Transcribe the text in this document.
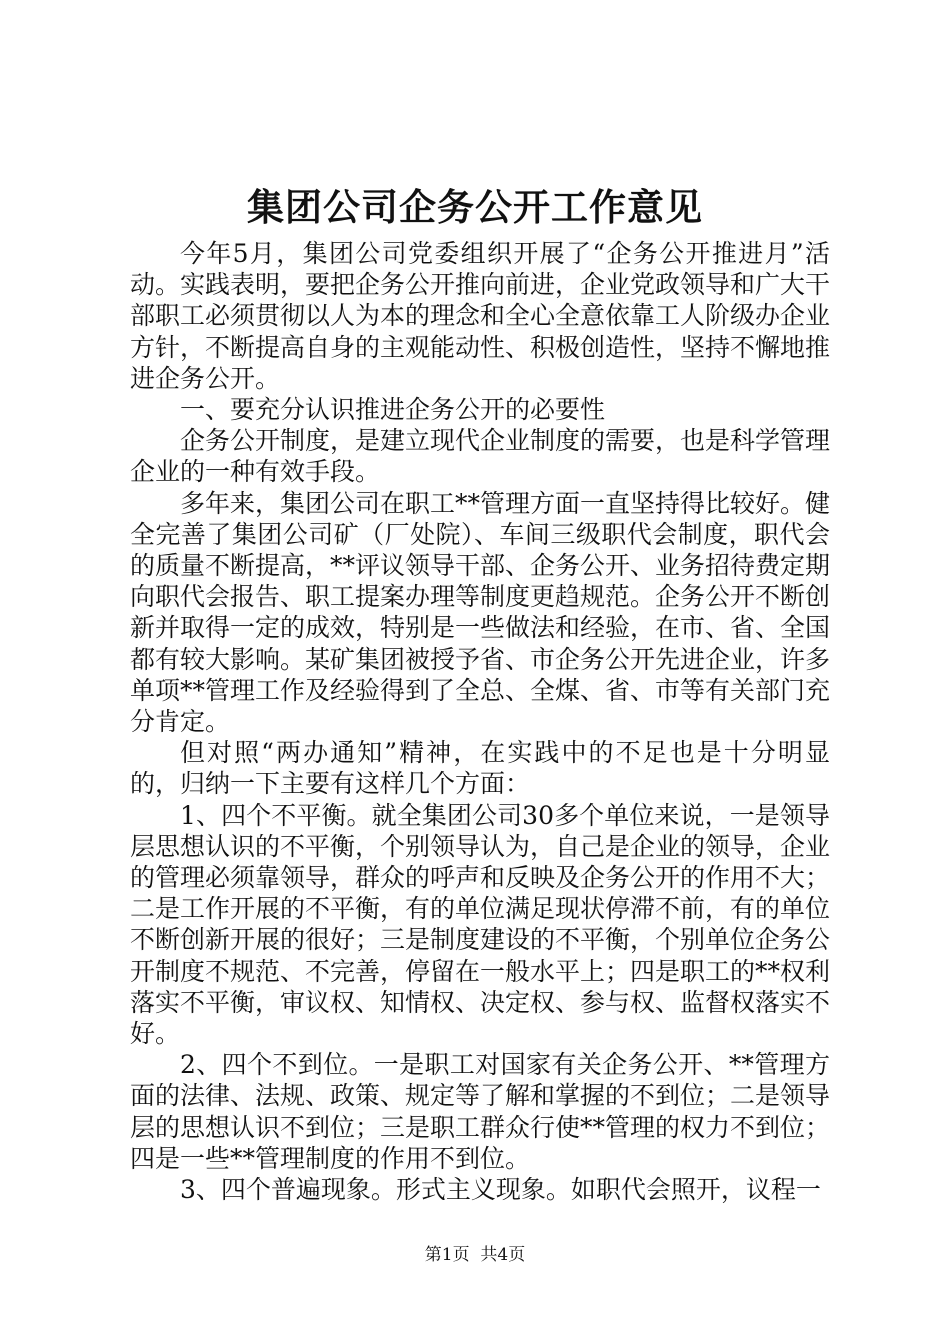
集团公司企务公开工作意见

今年5月，集团公司党委组织开展了“企务公开推进月”活动。实践表明，要把企务公开推向前进，企业党政领导和广大干部职工必须贯彻以人为本的理念和全心全意依靠工人阶级办企业方针，不断提高自身的主观能动性、积极创造性，坚持不懈地推进企务公开。

一、要充分认识推进企务公开的必要性

企务公开制度，是建立现代企业制度的需要，也是科学管理企业的一种有效手段。

多年来，集团公司在职工**管理方面一直坚持得比较好。健全完善了集团公司矿（厂处院）、车间三级职代会制度，职代会的质量不断提高，**评议领导干部、企务公开、业务招待费定期向职代会报告、职工提案办理等制度更趋规范。企务公开不断创新并取得一定的成效，特别是一些做法和经验，在市、省、全国都有较大影响。某矿集团被授予省、市企务公开先进企业，许多单项**管理工作及经验得到了全总、全煤、省、市等有关部门充分肯定。

但对照“两办通知”精神，在实践中的不足也是十分明显的，归纳一下主要有这样几个方面：

1、四个不平衡。就全集团公司30多个单位来说，一是领导层思想认识的不平衡，个别领导认为，自己是企业的领导，企业的管理必须靠领导，群众的呼声和反映及企务公开的作用不大；二是工作开展的不平衡，有的单位满足现状停滞不前，有的单位不断创新开展的很好；三是制度建设的不平衡，个别单位企务公开制度不规范、不完善，停留在一般水平上；四是职工的**权利落实不平衡，审议权、知情权、决定权、参与权、监督权落实不好。

2、四个不到位。一是职工对国家有关企务公开、**管理方面的法律、法规、政策、规定等了解和掌握的不到位；二是领导层的思想认识不到位；三是职工群众行使**管理的权力不到位；四是一些**管理制度的作用不到位。

3、四个普遍现象。形式主义现象。如职代会照开，议程一

第1页  共4页
